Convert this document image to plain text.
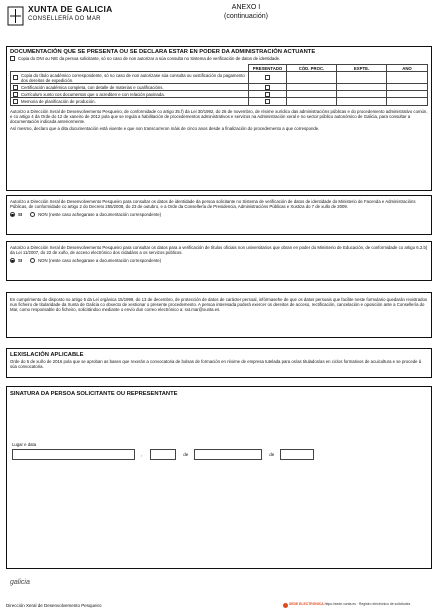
XUNTA DE GALICIA
CONSELLERÍA DO MAR
ANEXO I
(continuación)
DOCUMENTACIÓN QUE SE PRESENTA OU SE DECLARA ESTAR EN PODER DA ADMINISTRACIÓN ACTUANTE
Copia do DNI ou NIE da persoa solicitante, só no caso de non autorizar a súa consulta no Sistema de verificación de datos de identidade.
	PRESENTADO	CÓD. PROC.	EXPTE.	ANO

Copia do título académico correspondente, só no caso de non autorizase súa consulta ou xustificación do pagamento dos dereitos de expedición.				

Certificación académica completa, con detalle de materias e cualificacións.				

Currículum xunto cos documentos que o acrediten e con relación paxinada.				

Memoria de planificación de produción.				

Autorizo a Dirección Xeral de Desenvolvemento Pesqueiro, de conformidade co artigo 35.f) da Lei 30/1992, do 26 de novembro, de réxime xurídico das administracións públicas e do procedemento administrativo común, e co artigo 4 da Orde do 12 de xaneiro de 2012 pola que se regula a habilitación de procedementos administrativos e servizos na Administración xeral e no sector público autonómico de Galicia, para consultar a documentación indicada anteriormente.
Así mesmo, declaro que a dita documentación está vixente e que non transcorreron máis de cinco anos desde a finalización do procedemento a que corresponde.
Autorizo a Dirección Xeral de Desenvolvemento Pesqueiro para consultar os datos de identidade da persoa solicitante no Sistema de verificación de datos de identidade do Ministerio de Facenda e Administracións Públicas, de conformidade co artigo 2 do Decreto 255/2008, do 23 de outubro, e a Orde da Consellería de Presidencia, Administracións Públicas e Xustiza do 7 de xullo de 2009.
SI	NON (neste caso achegarase a documentación correspondente)
Autorizo a Dirección Xeral de Desenvolvemento Pesqueiro para consultar os datos para a verificación de títulos oficiais non universitarios que obran en poder do Ministerio de Educación, de conformidade co artigo 6.2.b) da Lei 11/2007, do 22 de xuño, de acceso electrónico dos cidadáns a os servizos públicos.
SI	NON (neste caso achegarase a documentación correspondente)
En cumprimento do disposto no artigo 5 da Lei orgánica 15/1999, do 13 de decembro, de protección de datos de carácter persoal, infórmasehe de que os datos persoais que facilite neste formulario quedarán rexistrados nun ficheiro de titularidade da Xunta de Galicia co obxecto de xestionar o presente procedemento. A persoa interesada poderá exercer os dereitos de acceso, rectificación, cancelación e oposición ante a Consellería do Mar, como responsable do ficheiro, solicitándoo mediante o envío dun correo electrónico a: sxt.mar@xunta.es.
LEXISLACIÓN APLICABLE
Orde do 5 de xuño de 2016 pola que se aproban as bases que rexerán a convocatoria de bolsas de formación en réxime de empresa tutelada para os/as titulados/as en ciclos formativos de acuicultura e se procede á súa convocatoria.
SINATURA DA PERSOA SOLICITANTE OU REPRESENTANTE
Lugar e data
,	de	de
galicia
Dirección Xeral de Desenvolvemento Pesqueiro	SEDE ELECTRÓNICA https://sede.xunta.es · Registro electrónico de solicitudes
